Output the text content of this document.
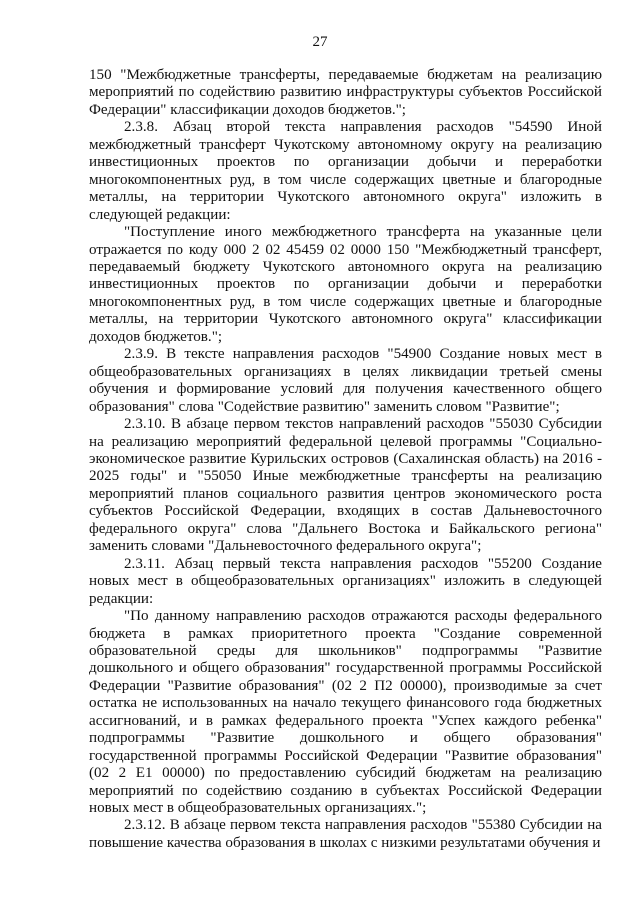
27

150 "Межбюджетные трансферты, передаваемые бюджетам на реализацию мероприятий по содействию развитию инфраструктуры субъектов Российской Федерации" классификации доходов бюджетов.";

2.3.8. Абзац второй текста направления расходов "54590 Иной межбюджетный трансферт Чукотскому автономному округу на реализацию инвестиционных проектов по организации добычи и переработки многокомпонентных руд, в том числе содержащих цветные и благородные металлы, на территории Чукотского автономного округа" изложить в следующей редакции:

"Поступление иного межбюджетного трансферта на указанные цели отражается по коду 000 2 02 45459 02 0000 150 "Межбюджетный трансферт, передаваемый бюджету Чукотского автономного округа на реализацию инвестиционных проектов по организации добычи и переработки многокомпонентных руд, в том числе содержащих цветные и благородные металлы, на территории Чукотского автономного округа" классификации доходов бюджетов.";

2.3.9. В тексте направления расходов "54900 Создание новых мест в общеобразовательных организациях в целях ликвидации третьей смены обучения и формирование условий для получения качественного общего образования" слова "Содействие развитию" заменить словом "Развитие";

2.3.10. В абзаце первом текстов направлений расходов "55030 Субсидии на реализацию мероприятий федеральной целевой программы "Социально-экономическое развитие Курильских островов (Сахалинская область) на 2016 - 2025 годы" и "55050 Иные межбюджетные трансферты на реализацию мероприятий планов социального развития центров экономического роста субъектов Российской Федерации, входящих в состав Дальневосточного федерального округа" слова "Дальнего Востока и Байкальского региона" заменить словами "Дальневосточного федерального округа";

2.3.11. Абзац первый текста направления расходов "55200 Создание новых мест в общеобразовательных организациях" изложить в следующей редакции:

"По данному направлению расходов отражаются расходы федерального бюджета в рамках приоритетного проекта "Создание современной образовательной среды для школьников" подпрограммы "Развитие дошкольного и общего образования" государственной программы Российской Федерации "Развитие образования" (02 2 П2 00000), производимые за счет остатка не использованных на начало текущего финансового года бюджетных ассигнований, и в рамках федерального проекта "Успех каждого ребенка" подпрограммы "Развитие дошкольного и общего образования" государственной программы Российской Федерации "Развитие образования" (02 2 Е1 00000) по предоставлению субсидий бюджетам на реализацию мероприятий по содействию созданию в субъектах Российской Федерации новых мест в общеобразовательных организациях.";

2.3.12. В абзаце первом текста направления расходов "55380 Субсидии на повышение качества образования в школах с низкими результатами обучения и
